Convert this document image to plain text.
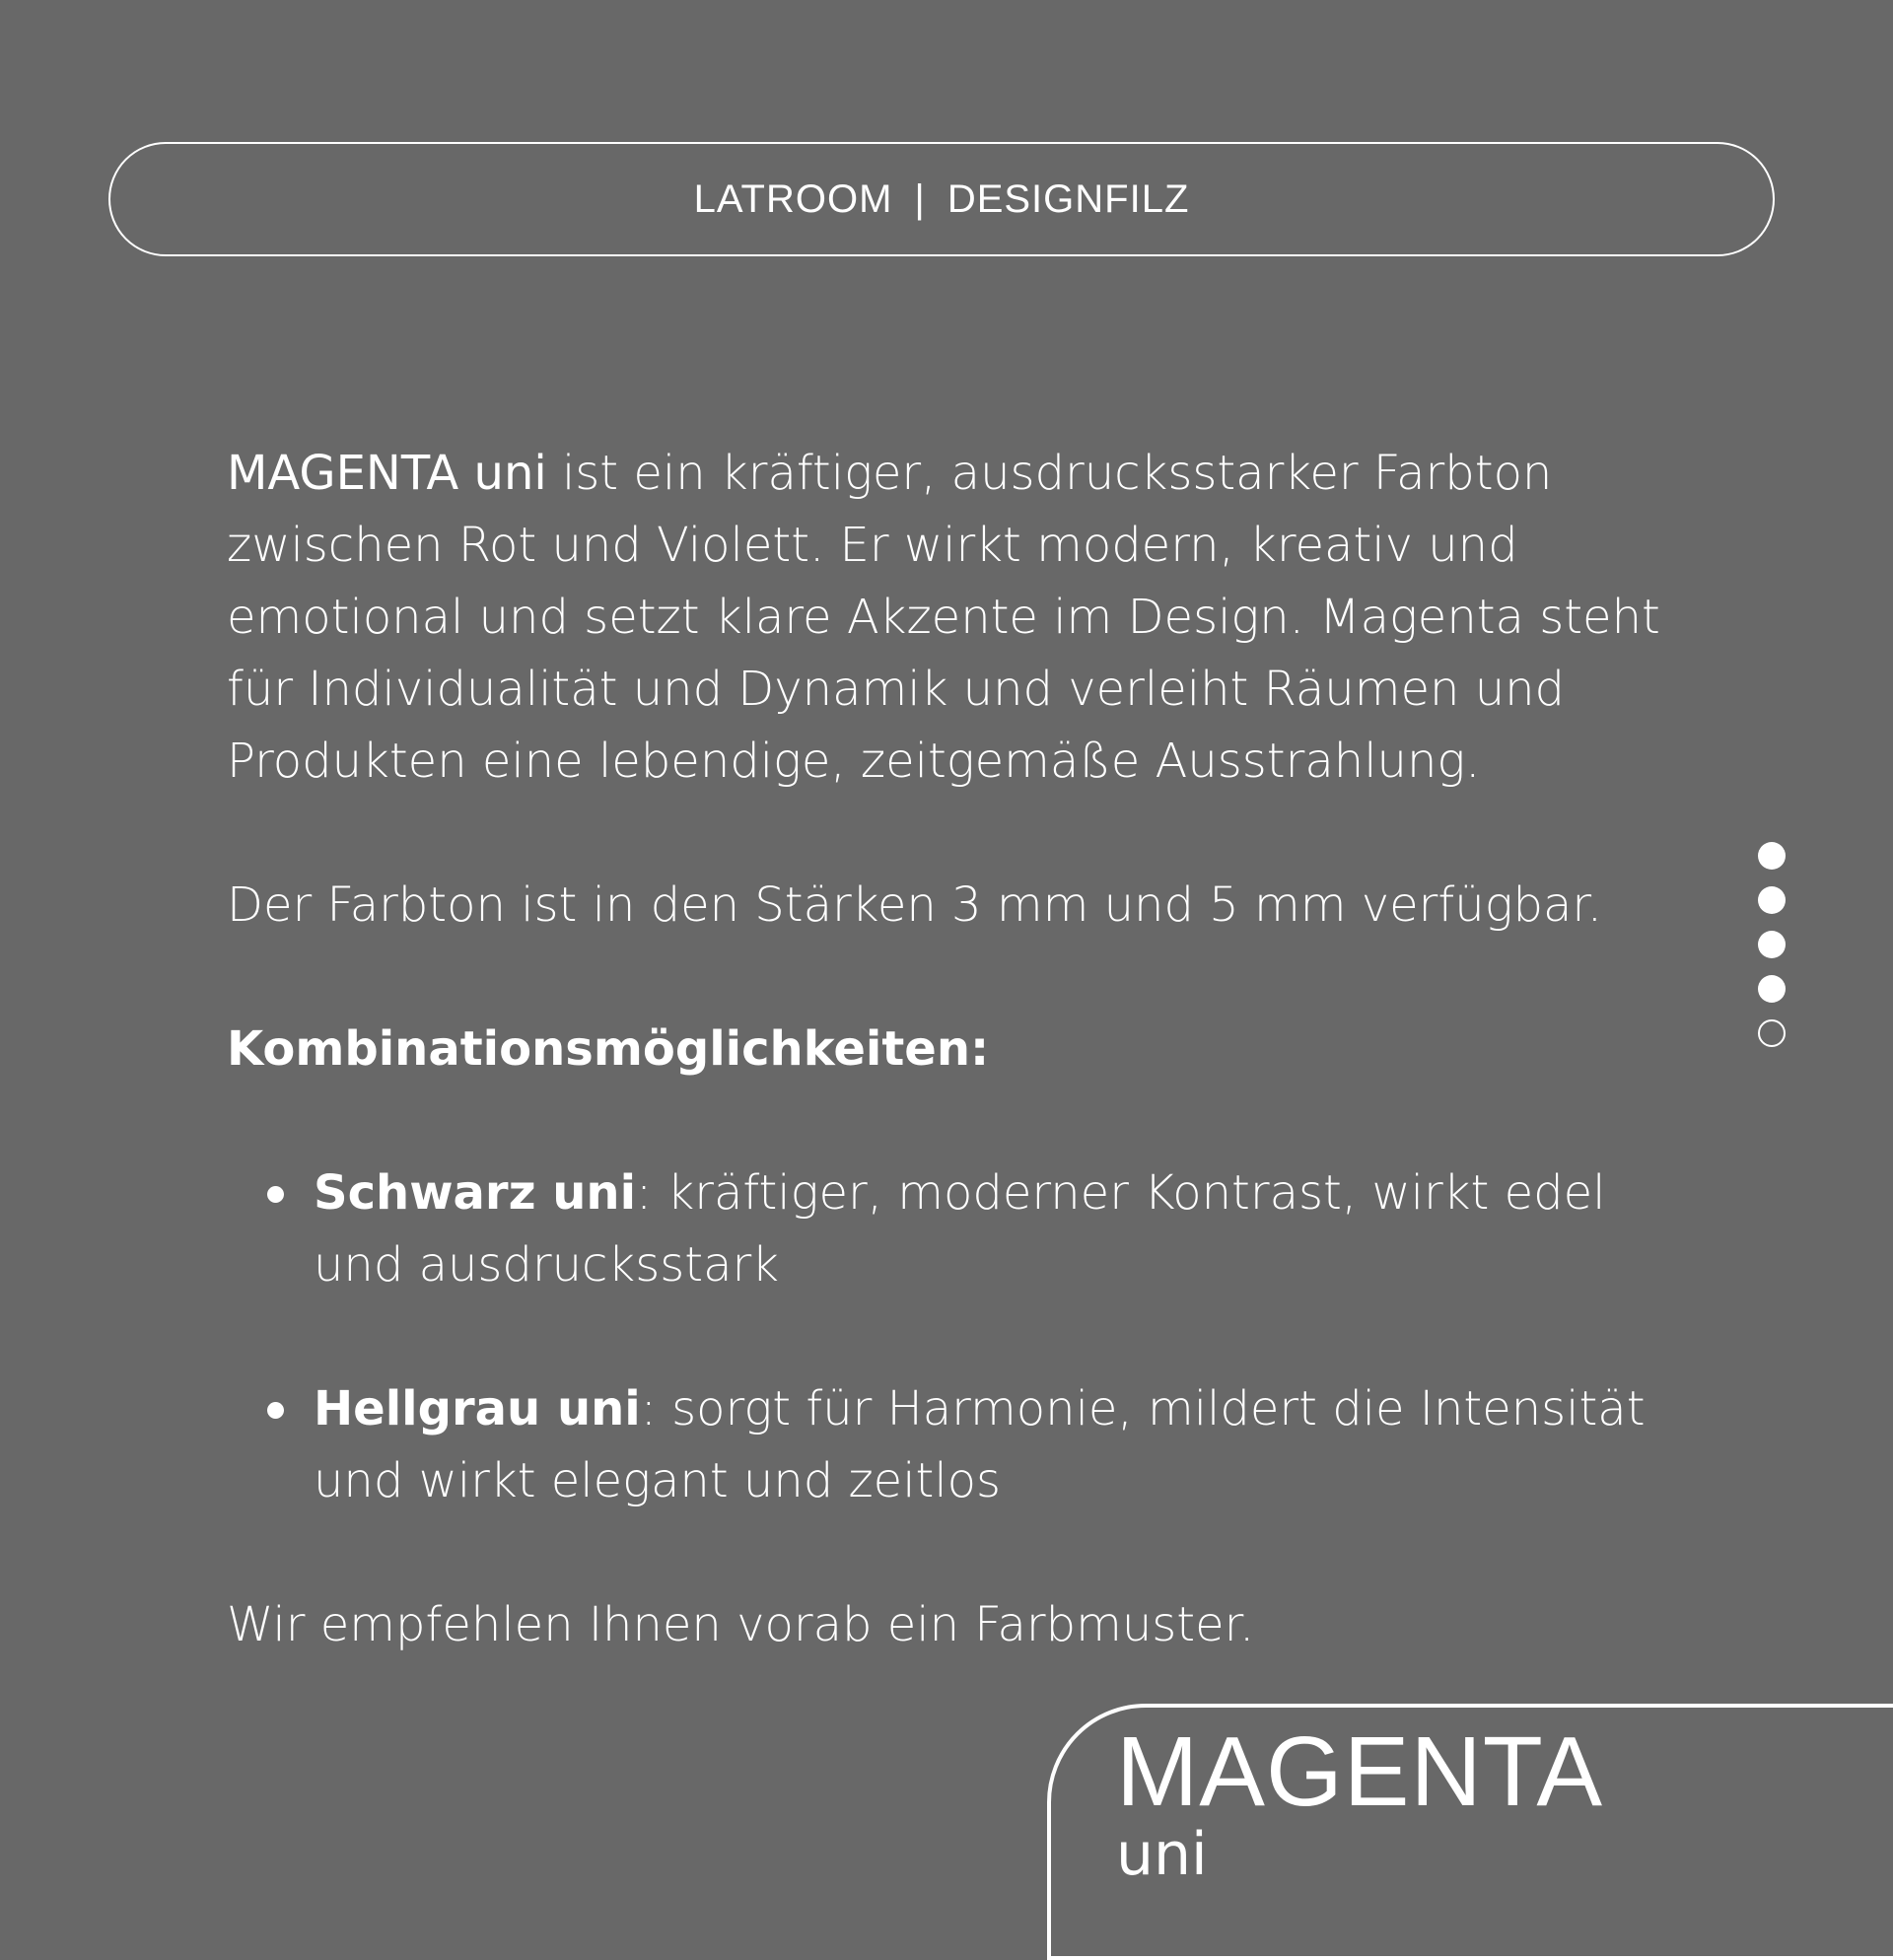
LATROOM | DESIGNFILZ

MAGENTA uni ist ein kräftiger, ausdrucksstarker Farbton zwischen Rot und Violett. Er wirkt modern, kreativ und emotional und setzt klare Akzente im Design. Magenta steht für Individualität und Dynamik und verleiht Räumen und Produkten eine lebendige, zeitgemäße Ausstrahlung.

Der Farbton ist in den Stärken 3 mm und 5 mm verfügbar.

Kombinationsmöglichkeiten:

Schwarz uni: kräftiger, moderner Kontrast, wirkt edel und ausdrucksstark
Hellgrau uni: sorgt für Harmonie, mildert die Intensität und wirkt elegant und zeitlos

Wir empfehlen Ihnen vorab ein Farbmuster.

MAGENTA
uni
